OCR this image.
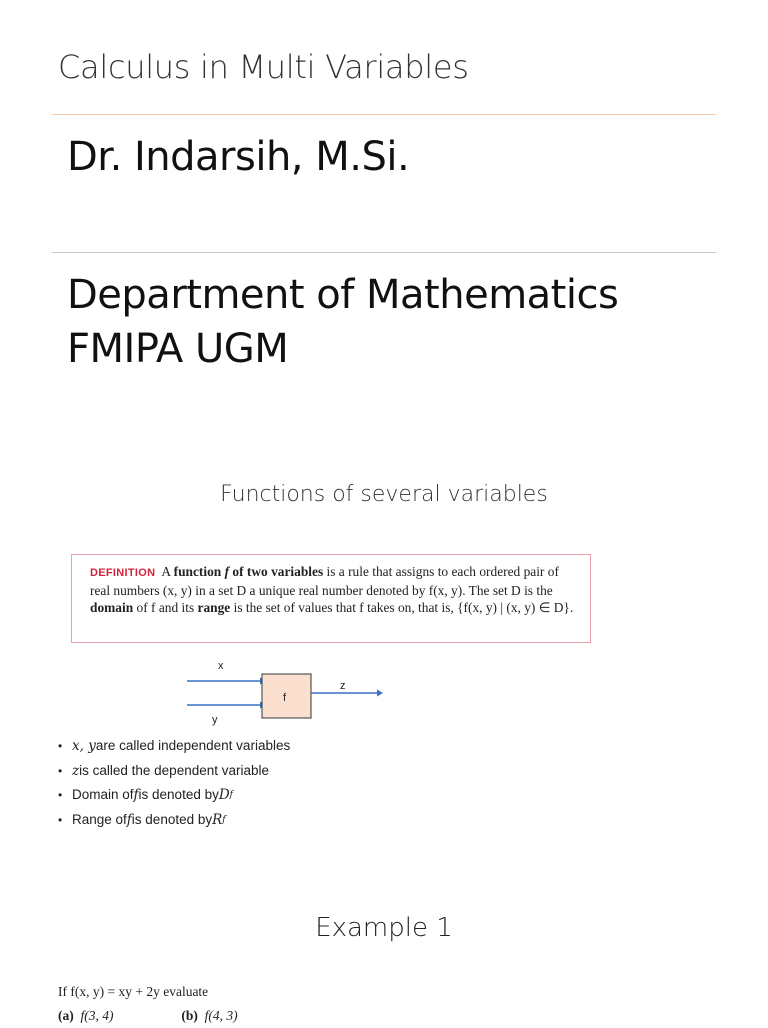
Calculus in Multi Variables
Dr. Indarsih, M.Si.
Department of Mathematics
FMIPA UGM
Functions of several variables
DEFINITION A function f of two variables is a rule that assigns to each ordered pair of real numbers (x, y) in a set D a unique real number denoted by f(x, y). The set D is the domain of f and its range is the set of values that f takes on, that is, {f(x, y) | (x, y) ∈ D}.
x
y
f
z
• x, y are called independent variables
• z is called the dependent variable
• Domain of f is denoted by D f
• Range of f is denoted by R f
Example 1
If f(x, y) = xy + 2y evaluate
(a) f(3, 4)	(b) f(4, 3)
